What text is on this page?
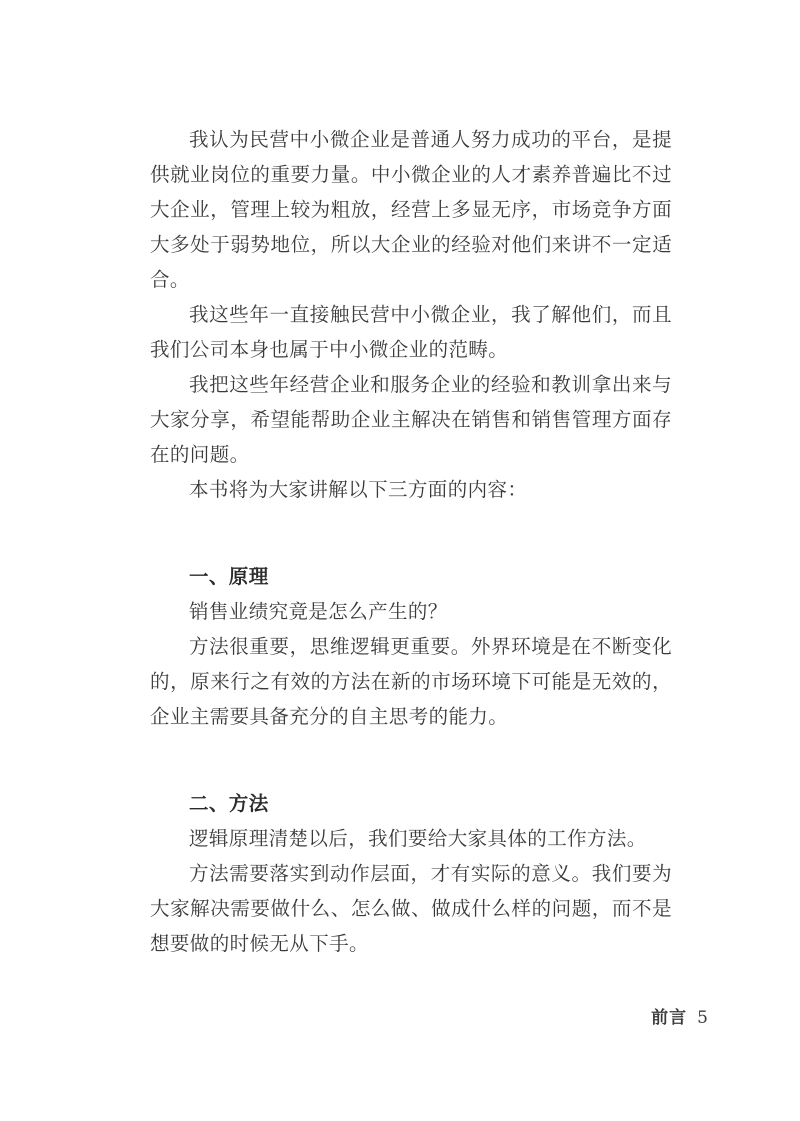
我认为民营中小微企业是普通人努力成功的平台，是提供就业岗位的重要力量。中小微企业的人才素养普遍比不过大企业，管理上较为粗放，经营上多显无序，市场竞争方面大多处于弱势地位，所以大企业的经验对他们来讲不一定适合。

我这些年一直接触民营中小微企业，我了解他们，而且我们公司本身也属于中小微企业的范畴。

我把这些年经营企业和服务企业的经验和教训拿出来与大家分享，希望能帮助企业主解决在销售和销售管理方面存在的问题。

本书将为大家讲解以下三方面的内容：

一、原理

销售业绩究竟是怎么产生的？

方法很重要，思维逻辑更重要。外界环境是在不断变化的，原来行之有效的方法在新的市场环境下可能是无效的，企业主需要具备充分的自主思考的能力。

二、方法

逻辑原理清楚以后，我们要给大家具体的工作方法。

方法需要落实到动作层面，才有实际的意义。我们要为大家解决需要做什么、怎么做、做成什么样的问题，而不是想要做的时候无从下手。

前言 5
